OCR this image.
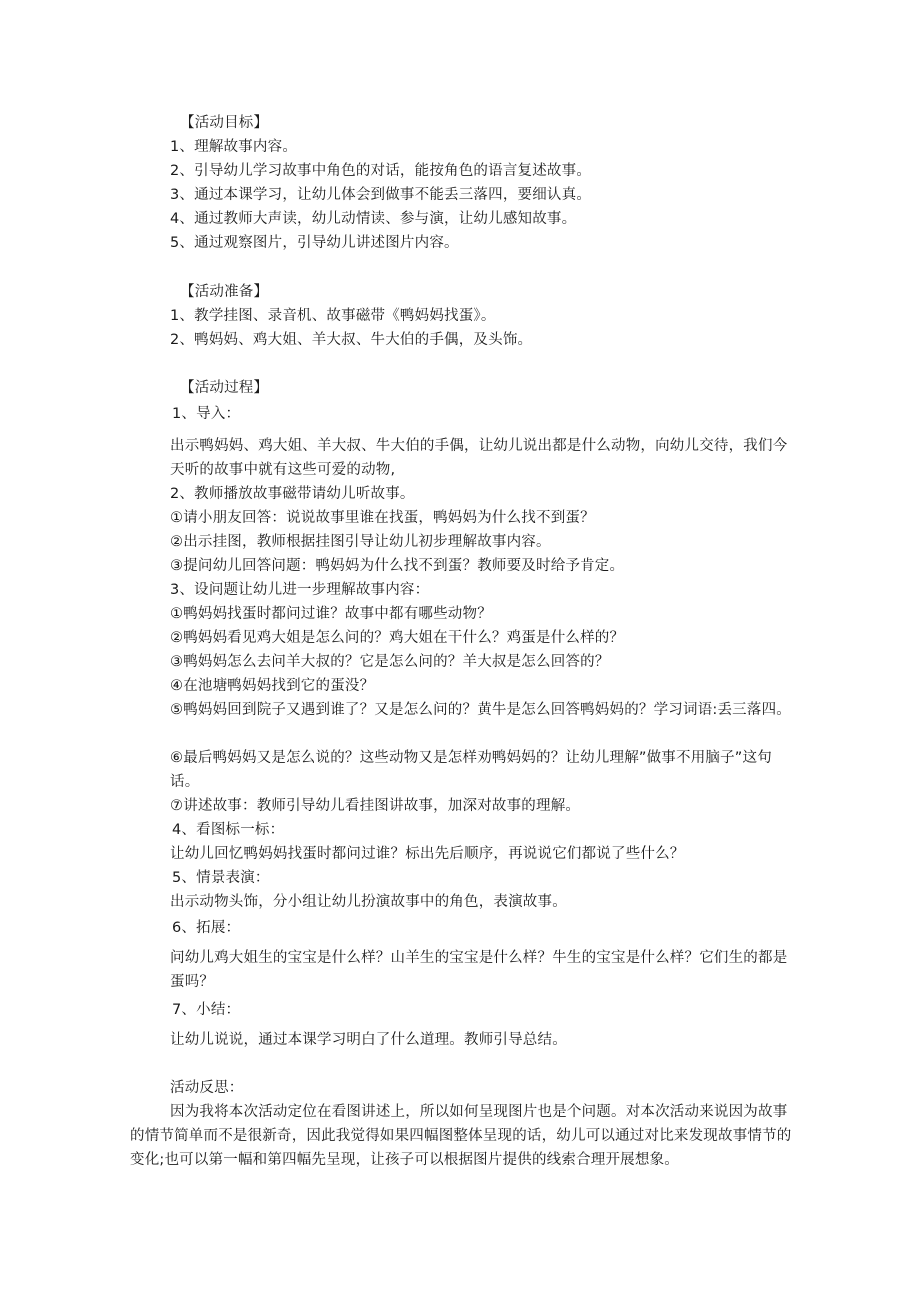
【活动目标】
1、理解故事内容。
2、引导幼儿学习故事中角色的对话，能按角色的语言复述故事。
3、通过本课学习，让幼儿体会到做事不能丢三落四，要细认真。
4、通过教师大声读，幼儿动情读、参与演，让幼儿感知故事。
5、通过观察图片，引导幼儿讲述图片内容。
【活动准备】
1、教学挂图、录音机、故事磁带《鸭妈妈找蛋》。
2、鸭妈妈、鸡大姐、羊大叔、牛大伯的手偶，及头饰。
【活动过程】
1、导入：
出示鸭妈妈、鸡大姐、羊大叔、牛大伯的手偶，让幼儿说出都是什么动物，向幼儿交待，我们今天听的故事中就有这些可爱的动物,
2、教师播放故事磁带请幼儿听故事。
①请小朋友回答：说说故事里谁在找蛋，鸭妈妈为什么找不到蛋？
②出示挂图，教师根据挂图引导让幼儿初步理解故事内容。
③提问幼儿回答问题：鸭妈妈为什么找不到蛋？教师要及时给予肯定。
3、设问题让幼儿进一步理解故事内容：
①鸭妈妈找蛋时都问过谁？故事中都有哪些动物？
②鸭妈妈看见鸡大姐是怎么问的？鸡大姐在干什么？鸡蛋是什么样的？
③鸭妈妈怎么去问羊大叔的？它是怎么问的？羊大叔是怎么回答的？
④在池塘鸭妈妈找到它的蛋没？
⑤鸭妈妈回到院子又遇到谁了？又是怎么问的？黄牛是怎么回答鸭妈妈的？学习词语:丢三落四。
⑥最后鸭妈妈又是怎么说的？这些动物又是怎样劝鸭妈妈的？让幼儿理解”做事不用脑子”这句话。
⑦讲述故事：教师引导幼儿看挂图讲故事，加深对故事的理解。
4、看图标一标：
让幼儿回忆鸭妈妈找蛋时都问过谁？标出先后顺序，再说说它们都说了些什么？
5、情景表演：
出示动物头饰，分小组让幼儿扮演故事中的角色，表演故事。
6、拓展：
问幼儿鸡大姐生的宝宝是什么样？山羊生的宝宝是什么样？牛生的宝宝是什么样？它们生的都是蛋吗？
7、小结：
让幼儿说说，通过本课学习明白了什么道理。教师引导总结。
活动反思：
因为我将本次活动定位在看图讲述上，所以如何呈现图片也是个问题。对本次活动来说因为故事的情节简单而不是很新奇，因此我觉得如果四幅图整体呈现的话，幼儿可以通过对比来发现故事情节的变化;也可以第一幅和第四幅先呈现，让孩子可以根据图片提供的线索合理开展想象。
